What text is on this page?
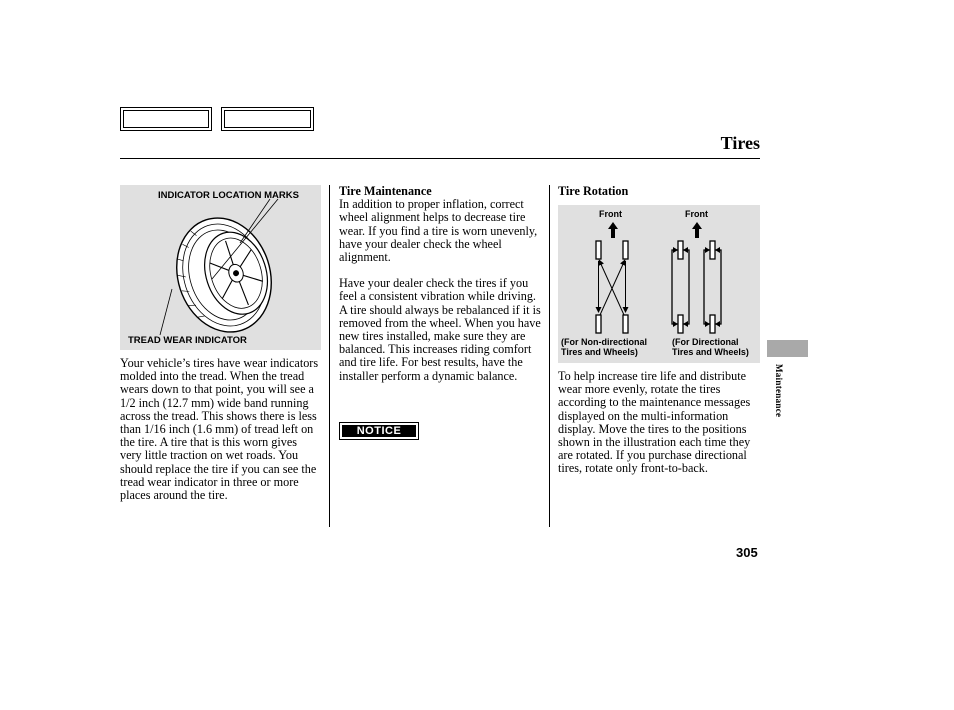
Tires
INDICATOR LOCATION MARKS
TREAD WEAR INDICATOR

Your vehicle’s tires have wear indicators molded into the tread. When the tread wears down to that point, you will see a 1/2 inch (12.7 mm) wide band running across the tread. This shows there is less than 1/16 inch (1.6 mm) of tread left on the tire. A tire that is this worn gives very little traction on wet roads. You should replace the tire if you can see the tread wear indicator in three or more places around the tire.

Tire Maintenance

In addition to proper inflation, correct wheel alignment helps to decrease tire wear. If you find a tire is worn unevenly, have your dealer check the wheel alignment.

Have your dealer check the tires if you feel a consistent vibration while driving. A tire should always be rebalanced if it is removed from the wheel. When you have new tires installed, make sure they are balanced. This increases riding comfort and tire life. For best results, have the installer perform a dynamic balance.

NOTICE
Tire Rotation
Front	Front
(For Non-directional
Tires and Wheels)
(For Directional
Tires and Wheels)

To help increase tire life and distribute wear more evenly, rotate the tires according to the maintenance messages displayed on the multi-information display. Move the tires to the positions shown in the illustration each time they are rotated. If you purchase directional tires, rotate only front-to-back.

Maintenance
305
